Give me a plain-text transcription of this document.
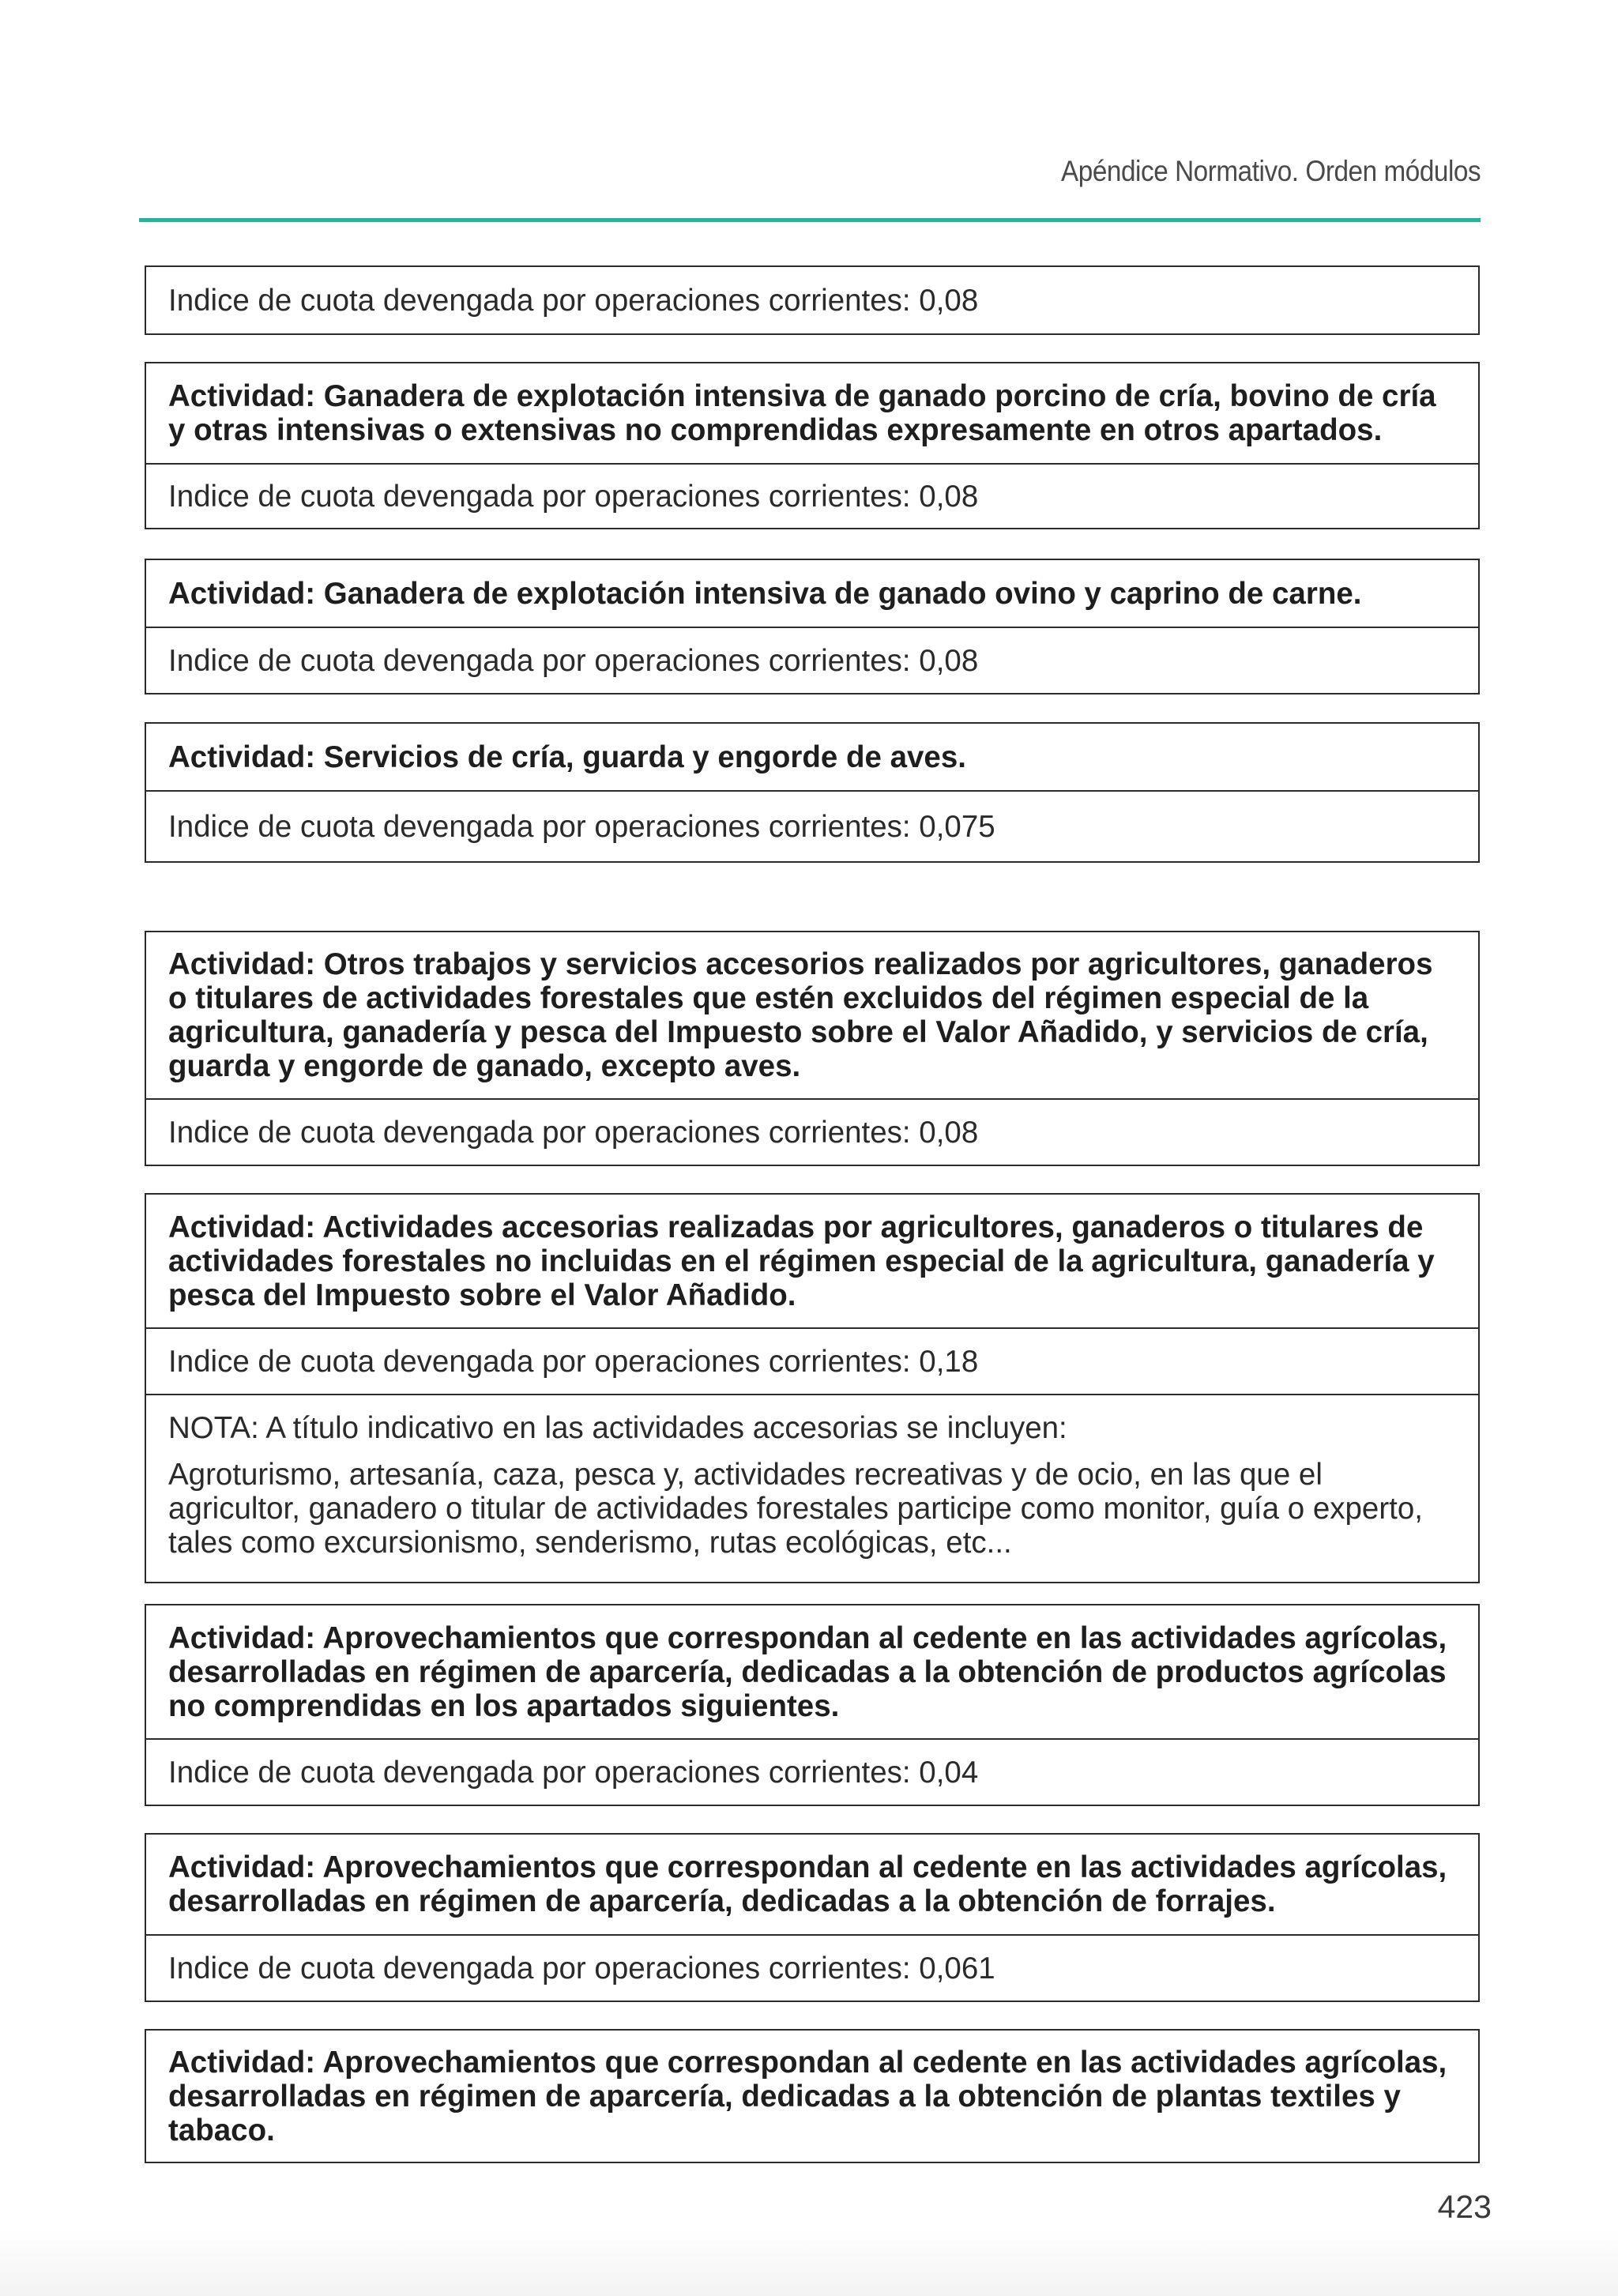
Apéndice Normativo. Orden módulos
Indice de cuota devengada por operaciones corrientes: 0,08
Actividad: Ganadera de explotación intensiva de ganado porcino de cría, bovino de cría y otras intensivas o extensivas no comprendidas expresamente en otros apartados.
Indice de cuota devengada por operaciones corrientes: 0,08
Actividad: Ganadera de explotación intensiva de ganado ovino y caprino de carne.
Indice de cuota devengada por operaciones corrientes: 0,08
Actividad: Servicios de cría, guarda y engorde de aves.
Indice de cuota devengada por operaciones corrientes: 0,075
Actividad: Otros trabajos y servicios accesorios realizados por agricultores, ganaderos o titulares de actividades forestales que estén excluidos del régimen especial de la agricultura, ganadería y pesca del Impuesto sobre el Valor Añadido, y servicios de cría, guarda y engorde de ganado, excepto aves.
Indice de cuota devengada por operaciones corrientes: 0,08
Actividad: Actividades accesorias realizadas por agricultores, ganaderos o titulares de actividades forestales no incluidas en el régimen especial de la agricultura, ganadería y pesca del Impuesto sobre el Valor Añadido.
Indice de cuota devengada por operaciones corrientes: 0,18

NOTA: A título indicativo en las actividades accesorias se incluyen:

Agroturismo, artesanía, caza, pesca y, actividades recreativas y de ocio, en las que el agricultor, ganadero o titular de actividades forestales participe como monitor, guía o experto, tales como excursionismo, senderismo, rutas ecológicas, etc...

Actividad: Aprovechamientos que correspondan al cedente en las actividades agrícolas, desarrolladas en régimen de aparcería, dedicadas a la obtención de productos agrícolas no comprendidas en los apartados siguientes.
Indice de cuota devengada por operaciones corrientes: 0,04
Actividad: Aprovechamientos que correspondan al cedente en las actividades agrícolas, desarrolladas en régimen de aparcería, dedicadas a la obtención de forrajes.
Indice de cuota devengada por operaciones corrientes: 0,061
Actividad: Aprovechamientos que correspondan al cedente en las actividades agrícolas, desarrolladas en régimen de aparcería, dedicadas a la obtención de plantas textiles y tabaco.
423
